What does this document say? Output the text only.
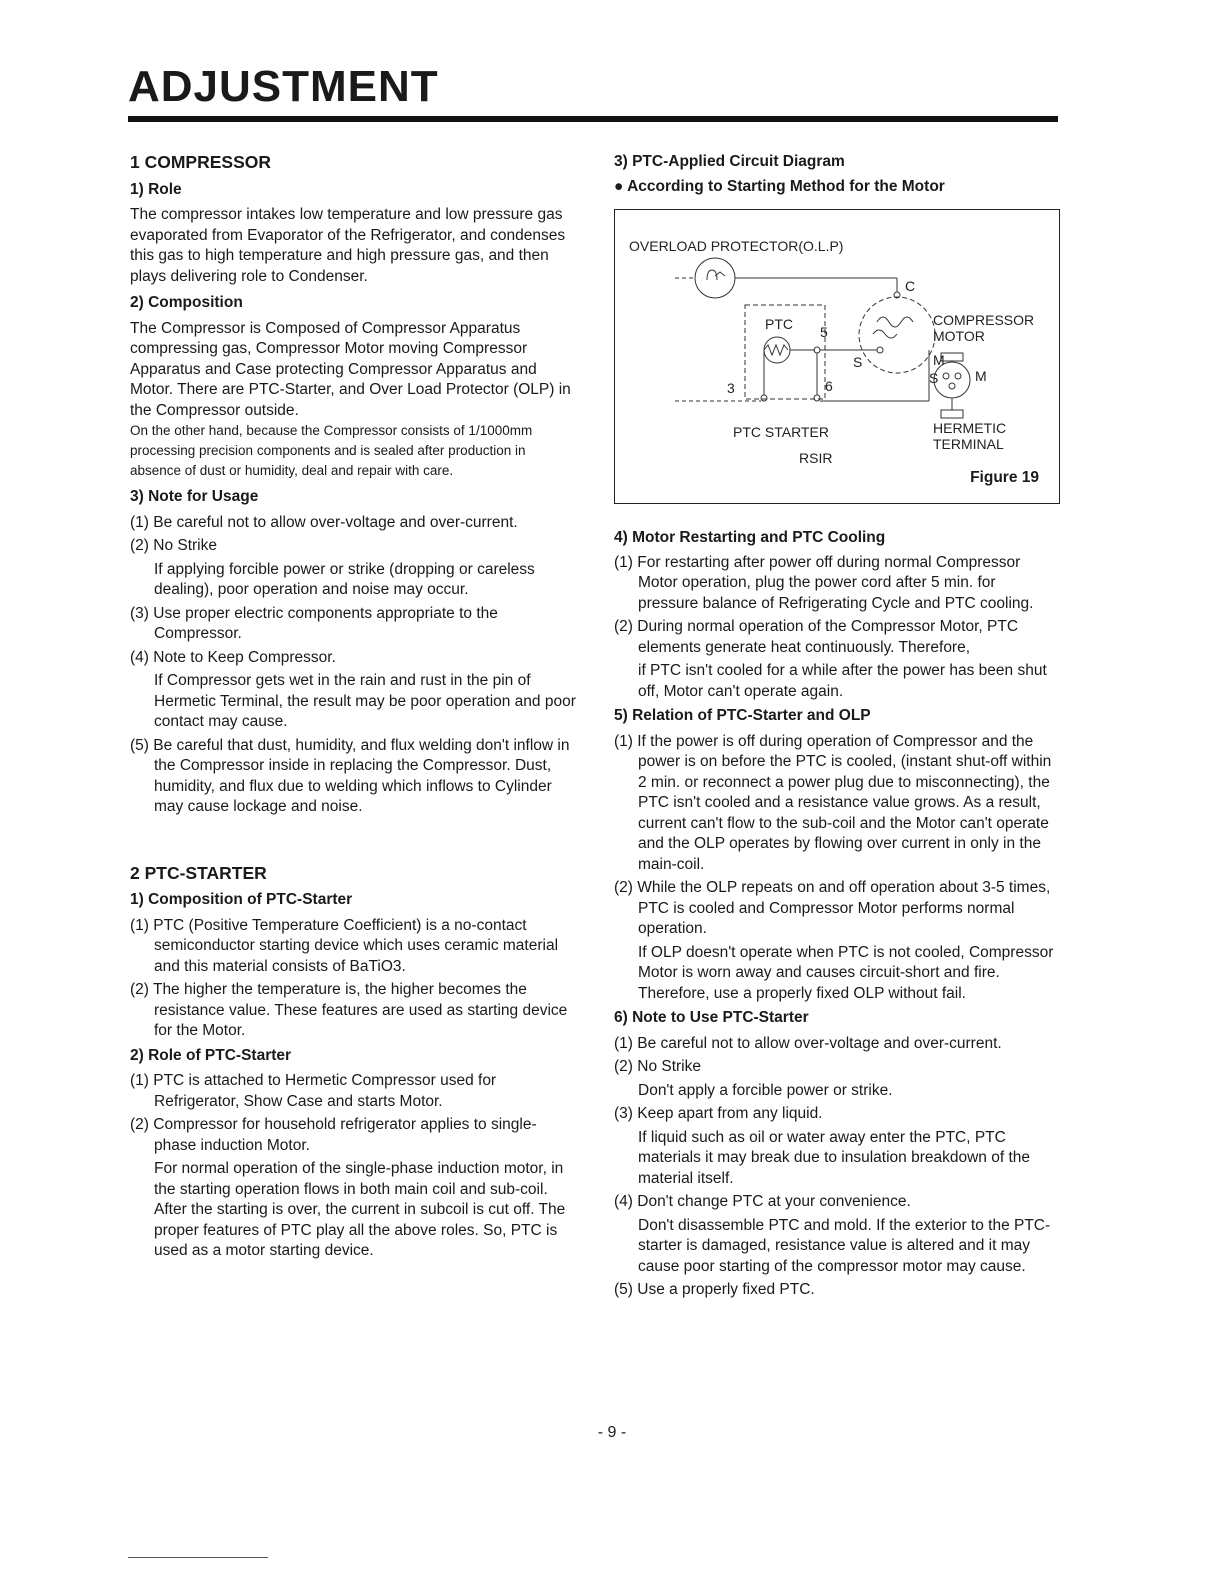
ADJUSTMENT
1 COMPRESSOR
1) Role

The compressor intakes low temperature and low pressure gas evaporated from Evaporator of the Refrigerator, and condenses this gas to high temperature and high pressure gas, and then plays delivering role to Condenser.

2) Composition

The Compressor is Composed of Compressor Apparatus compressing gas, Compressor Motor moving Compressor Apparatus and Case protecting Compressor Apparatus and Motor. There are PTC-Starter, and Over Load Protector (OLP) in the Compressor outside.

On the other hand, because the Compressor consists of 1/1000mm processing precision components and is sealed after production in absence of dust or humidity, deal and repair with care.

3) Note for Usage
(1) Be careful not to allow over-voltage and over-current.
(2) No Strike
If applying forcible power or strike (dropping or careless dealing), poor operation and noise may occur.
(3) Use proper electric components appropriate to the Compressor.
(4) Note to Keep Compressor.
If Compressor gets wet in the rain and rust in the pin of Hermetic Terminal, the result may be poor operation and poor contact may cause.
(5) Be careful that dust, humidity, and flux welding don't inflow in the Compressor inside in replacing the Compressor. Dust, humidity, and flux due to welding which inflows to Cylinder may cause lockage and noise.
2 PTC-STARTER
1) Composition of PTC-Starter
(1) PTC (Positive Temperature Coefficient) is a no-contact semiconductor starting device which uses ceramic material and this material consists of BaTiO3.
(2) The higher the temperature is, the higher becomes the resistance value. These features are used as starting device for the Motor.
2) Role of PTC-Starter
(1) PTC is attached to Hermetic Compressor used for Refrigerator, Show Case and starts Motor.
(2) Compressor for household refrigerator applies to single-phase induction Motor.
For normal operation of the single-phase induction motor, in the starting operation flows in both main coil and sub-coil. After the starting is over, the current in subcoil is cut off. The proper features of PTC play all the above roles. So, PTC is used as a motor starting device.
3) PTC-Applied Circuit Diagram
● According to Starting Method for the Motor
OVERLOAD PROTECTOR(O.L.P)
C
PTC 5
3	6
S
COMPRESSOR
MOTOR
M
S	M
PTC STARTER
RSIR
HERMETIC
TERMINAL
Figure 19
4) Motor Restarting and PTC Cooling
(1) For restarting after power off during normal Compressor Motor operation, plug the power cord after 5 min. for pressure balance of Refrigerating Cycle and PTC cooling.
(2) During normal operation of the Compressor Motor, PTC elements generate heat continuously. Therefore,
if PTC isn't cooled for a while after the power has been shut off, Motor can't operate again.
5) Relation of PTC-Starter and OLP
(1) If the power is off during operation of Compressor and the power is on before the PTC is cooled, (instant shut-off within 2 min. or reconnect a power plug due to misconnecting), the PTC isn't cooled and a resistance value grows. As a result, current can't flow to the sub-coil and the Motor can't operate and the OLP operates by flowing over current in only in the main-coil.
(2) While the OLP repeats on and off operation about 3-5 times, PTC is cooled and Compressor Motor performs normal operation.
If OLP doesn't operate when PTC is not cooled, Compressor Motor is worn away and causes circuit-short and fire. Therefore, use a properly fixed OLP without fail.
6) Note to Use PTC-Starter
(1) Be careful not to allow over-voltage and over-current.
(2) No Strike
Don't apply a forcible power or strike.
(3) Keep apart from any liquid.
If liquid such as oil or water away enter the PTC, PTC materials it may break due to insulation breakdown of the material itself.
(4) Don't change PTC at your convenience.
Don't disassemble PTC and mold. If the exterior to the PTC-starter is damaged, resistance value is altered and it may cause poor starting of the compressor motor may cause.
(5) Use a properly fixed PTC.
- 9 -
